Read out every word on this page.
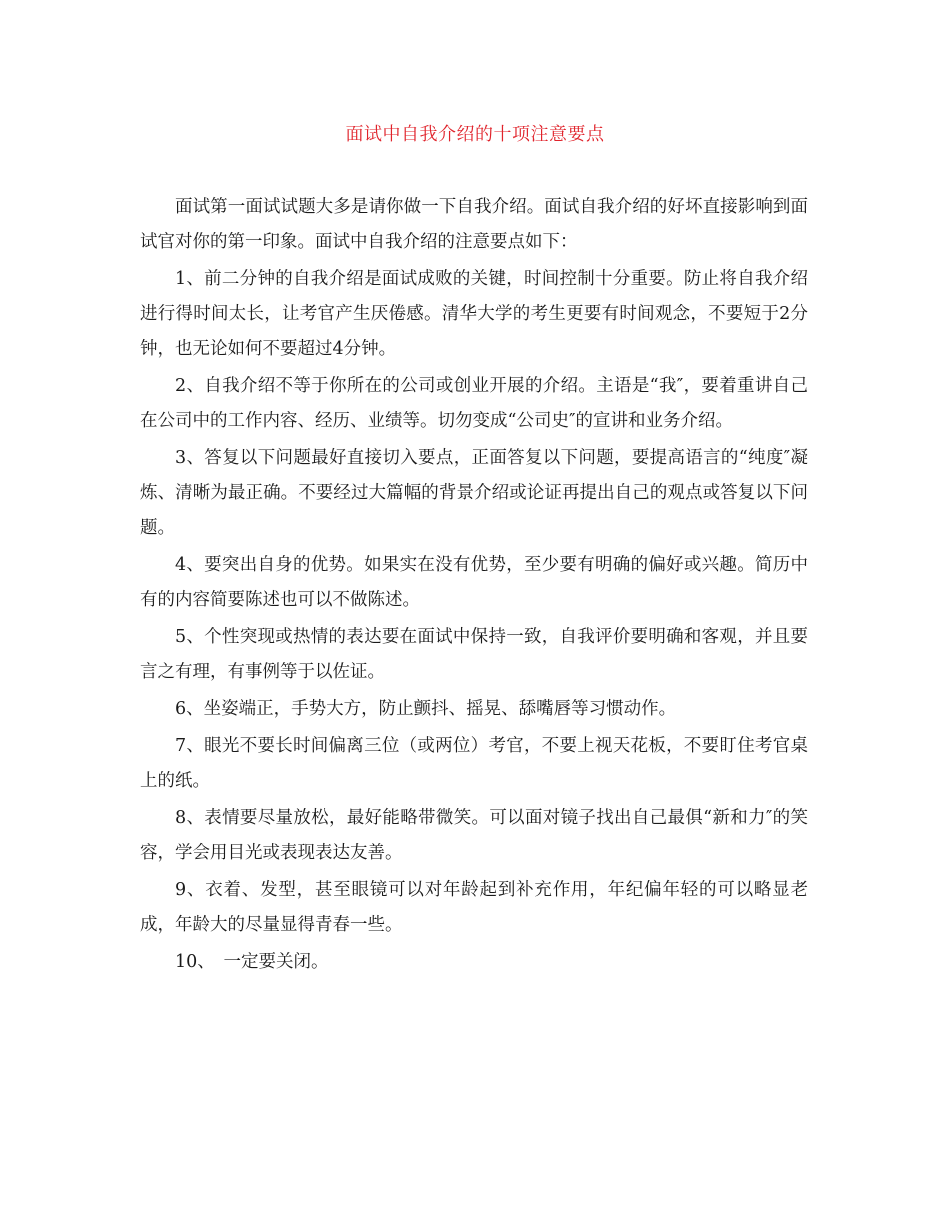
面试中自我介绍的十项注意要点

面试第一面试试题大多是请你做一下自我介绍。面试自我介绍的好坏直接影响到面试官对你的第一印象。面试中自我介绍的注意要点如下：

1、前二分钟的自我介绍是面试成败的关键，时间控制十分重要。防止将自我介绍进行得时间太长，让考官产生厌倦感。清华大学的考生更要有时间观念，不要短于2分钟，也无论如何不要超过4分钟。

2、自我介绍不等于你所在的公司或创业开展的介绍。主语是“我″，要着重讲自己在公司中的工作内容、经历、业绩等。切勿变成“公司史″的宣讲和业务介绍。

3、答复以下问题最好直接切入要点，正面答复以下问题，要提高语言的“纯度″凝炼、清晰为最正确。不要经过大篇幅的背景介绍或论证再提出自己的观点或答复以下问题。

4、要突出自身的优势。如果实在没有优势，至少要有明确的偏好或兴趣。简历中有的内容简要陈述也可以不做陈述。

5、个性突现或热情的表达要在面试中保持一致，自我评价要明确和客观，并且要言之有理，有事例等于以佐证。

6、坐姿端正，手势大方，防止颤抖、摇晃、舔嘴唇等习惯动作。

7、眼光不要长时间偏离三位（或两位）考官，不要上视天花板，不要盯住考官桌上的纸。

8、表情要尽量放松，最好能略带微笑。可以面对镜子找出自己最俱“新和力″的笑容，学会用目光或表现表达友善。

9、衣着、发型，甚至眼镜可以对年龄起到补充作用，年纪偏年轻的可以略显老成，年龄大的尽量显得青春一些。

10、　一定要关闭。
